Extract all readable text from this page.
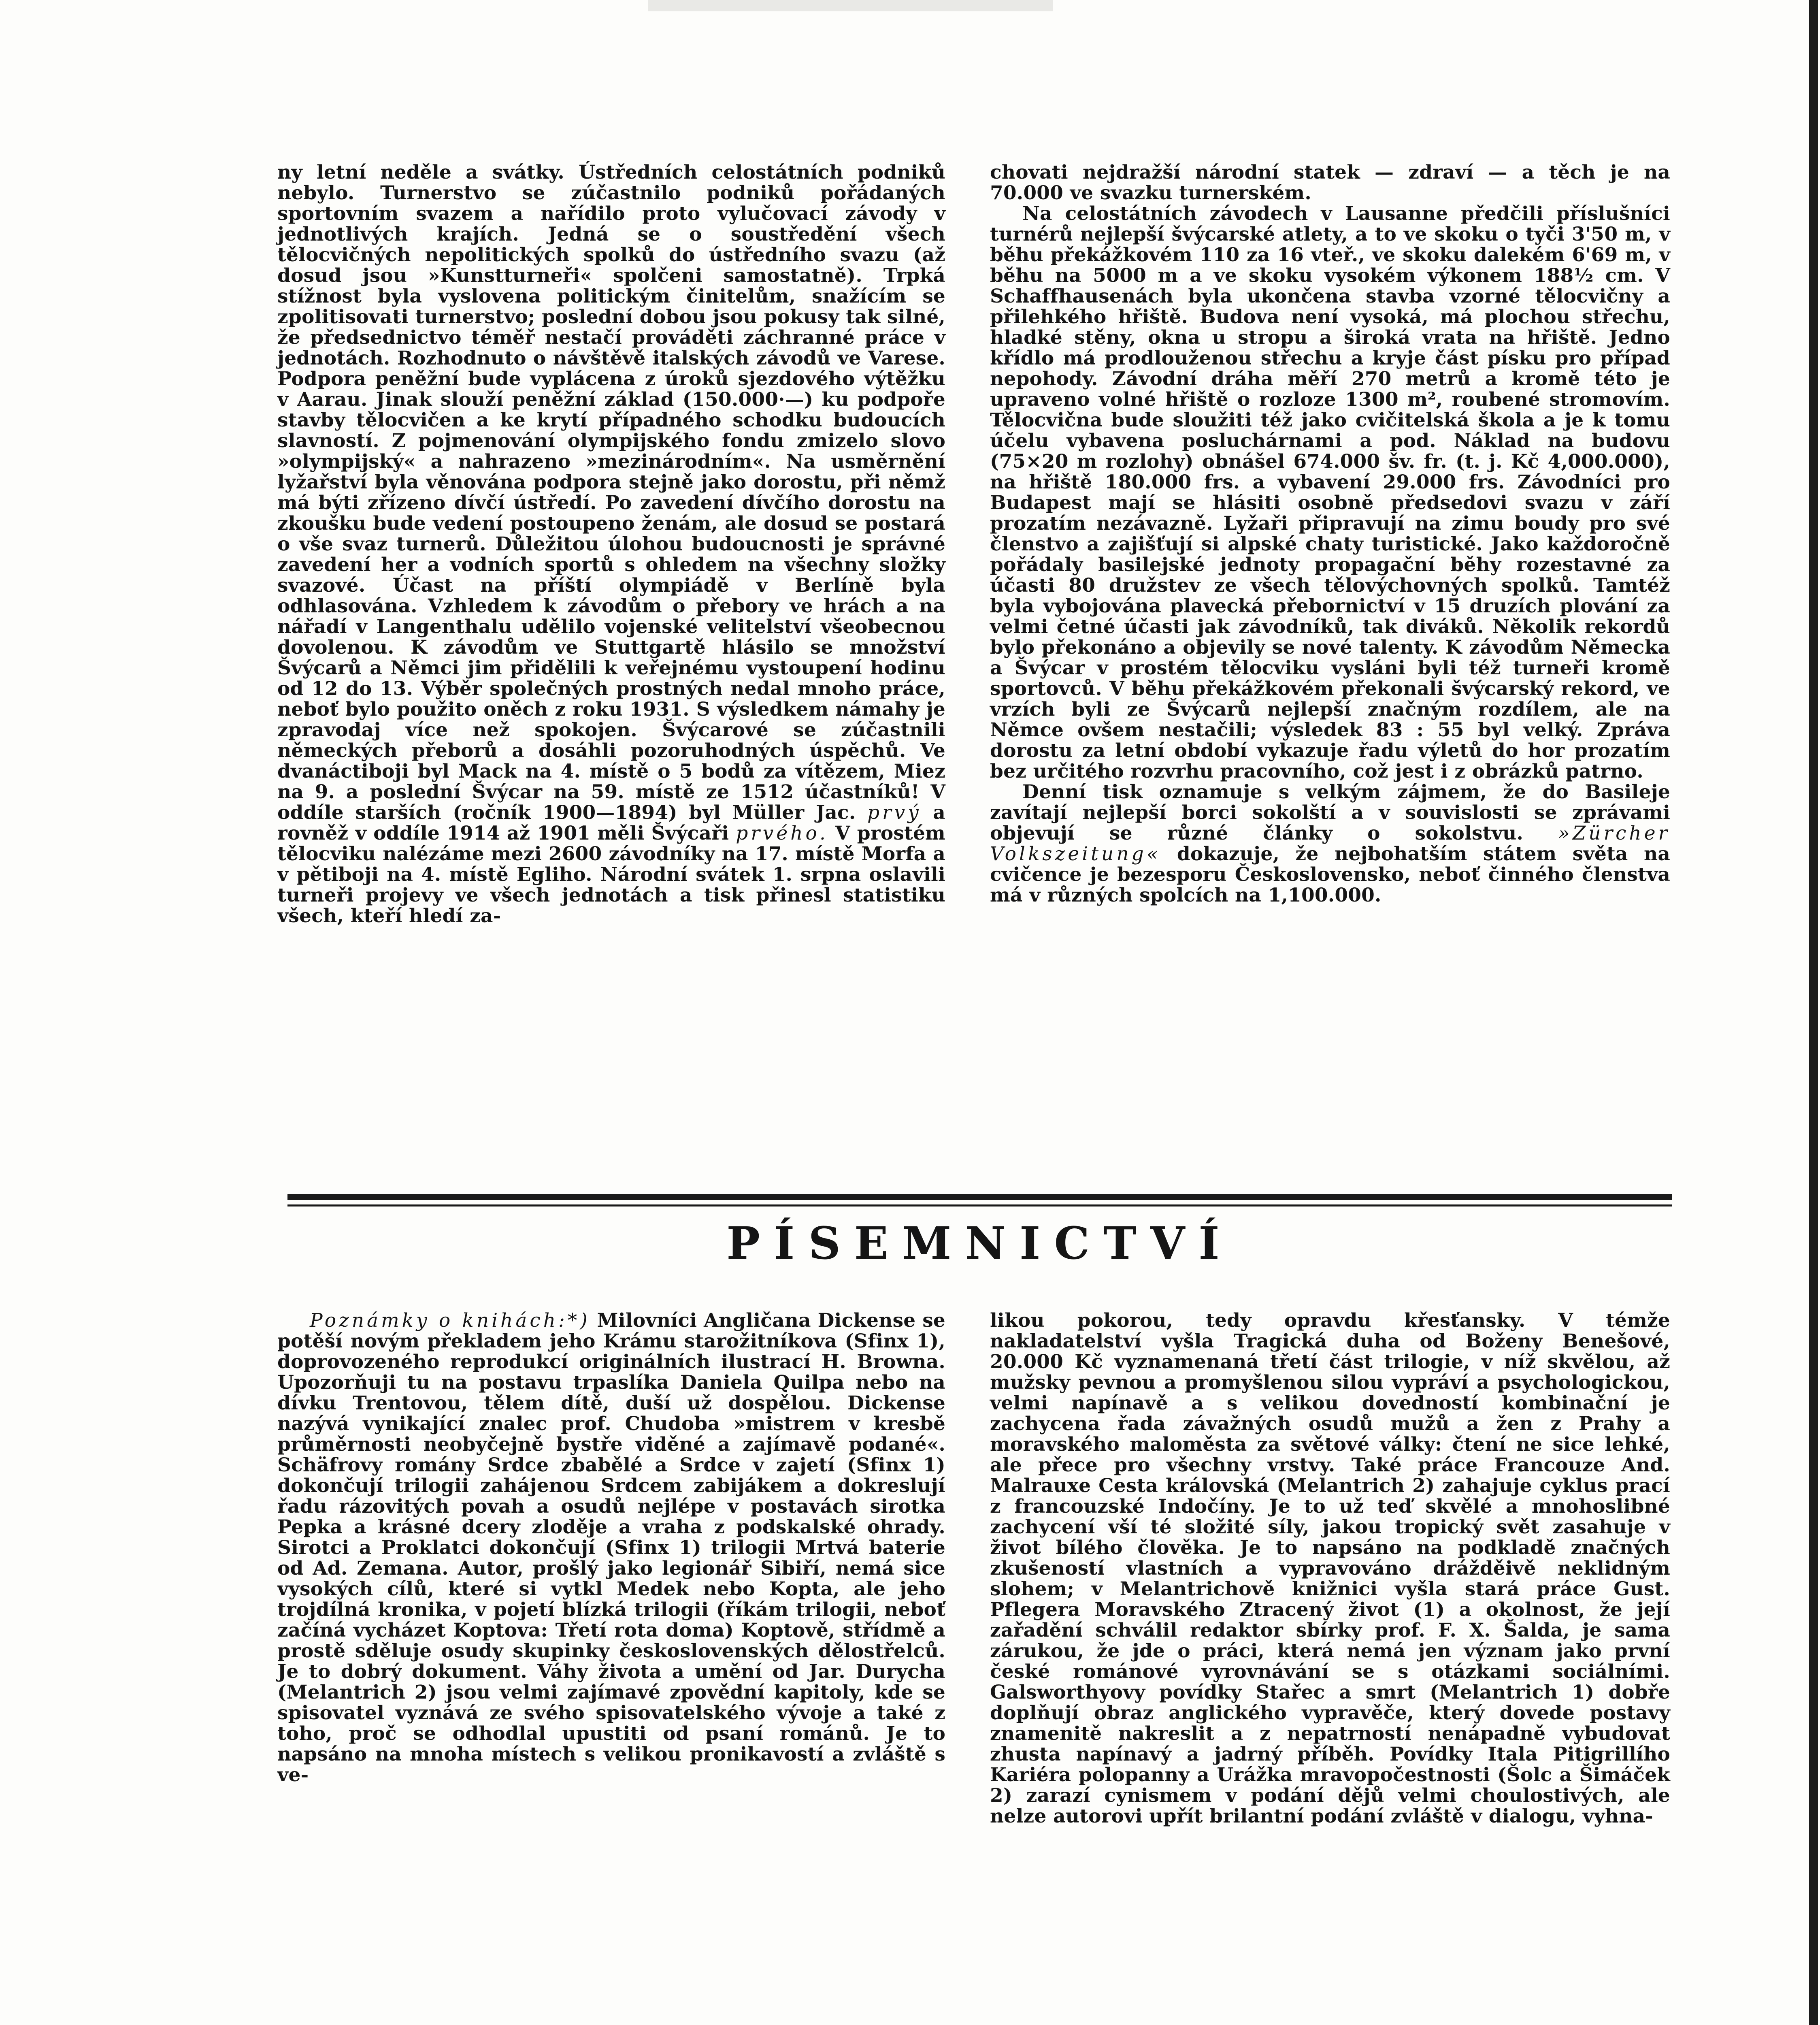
ny letní neděle a svátky. Ústředních celostátních podniků nebylo. Turnerstvo se zúčastnilo podniků pořádaných sportovním svazem a nařídilo proto vylučovací závody v jednotlivých krajích. Jedná se o soustředění všech tělocvičných nepolitických spolků do ústředního svazu (až dosud jsou »Kunstturneři« spolčeni samostatně). Trpká stížnost byla vyslovena politickým činitelům, snažícím se zpolitisovati turnerstvo; poslední dobou jsou pokusy tak silné, že předsednictvo téměř nestačí prováděti záchranné práce v jednotách. Rozhodnuto o návštěvě italských závodů ve Varese. Podpora peněžní bude vyplácena z úroků sjezdového výtěžku v Aarau. Jinak slouží peněžní základ (150.000·—) ku podpoře stavby tělocvičen a ke krytí případného schodku budoucích slavností. Z pojmenování olympijského fondu zmizelo slovo »olympijský« a nahrazeno »mezinárodním«. Na usměrnění lyžařství byla věnována podpora stejně jako dorostu, při němž má býti zřízeno dívčí ústředí. Po zavedení dívčího dorostu na zkoušku bude vedení postoupeno ženám, ale dosud se postará o vše svaz turnerů. Důležitou úlohou budoucnosti je správné zavedení her a vodních sportů s ohledem na všechny složky svazové. Účast na příští olympiádě v Berlíně byla odhlasována. Vzhledem k závodům o přebory ve hrách a na nářadí v Langenthalu udělilo vojenské velitelství všeobecnou dovolenou. K závodům ve Stuttgartě hlásilo se množství Švýcarů a Němci jim přidělili k veřejnému vystoupení hodinu od 12 do 13. Výběr společných prostných nedal mnoho práce, neboť bylo použito oněch z roku 1931. S výsledkem námahy je zpravodaj více než spokojen. Švýcarové se zúčastnili německých přeborů a dosáhli pozoruhodných úspěchů. Ve dvanáctiboji byl Mack na 4. místě o 5 bodů za vítězem, Miez na 9. a poslední Švýcar na 59. místě ze 1512 účastníků! V oddíle starších (ročník 1900—1894) byl Müller Jac. prvý a rovněž v oddíle 1914 až 1901 měli Švýcaři prvého. V prostém tělocviku nalézáme mezi 2600 závodníky na 17. místě Morfa a v pětiboji na 4. místě Egliho. Národní svátek 1. srpna oslavili turneři projevy ve všech jednotách a tisk přinesl statistiku všech, kteří hledí za-

chovati nejdražší národní statek — zdraví — a těch je na 70.000 ve svazku turnerském.

Na celostátních závodech v Lausanne předčili příslušníci turnérů nejlepší švýcarské atlety, a to ve skoku o tyči 3'50 m, v běhu překážkovém 110 za 16 vteř., ve skoku dalekém 6'69 m, v běhu na 5000 m a ve skoku vysokém výkonem 188½ cm. V Schaffhausenách byla ukončena stavba vzorné tělocvičny a přilehkého hřiště. Budova není vysoká, má plochou střechu, hladké stěny, okna u stropu a široká vrata na hřiště. Jedno křídlo má prodlouženou střechu a kryje část písku pro případ nepohody. Závodní dráha měří 270 metrů a kromě této je upraveno volné hřiště o rozloze 1300 m², roubené stromovím. Tělocvična bude sloužiti též jako cvičitelská škola a je k tomu účelu vybavena posluchárnami a pod. Náklad na budovu (75×20 m rozlohy) obnášel 674.000 šv. fr. (t. j. Kč 4,000.000), na hřiště 180.000 frs. a vybavení 29.000 frs. Závodníci pro Budapest mají se hlásiti osobně předsedovi svazu v září prozatím nezávazně. Lyžaři připravují na zimu boudy pro své členstvo a zajišťují si alpské chaty turistické. Jako každoročně pořádaly basilejské jednoty propagační běhy rozestavné za účasti 80 družstev ze všech tělovýchovných spolků. Tamtéž byla vybojována plavecká přebornictví v 15 druzích plování za velmi četné účasti jak závodníků, tak diváků. Několik rekordů bylo překonáno a objevily se nové talenty. K závodům Německa a Švýcar v prostém tělocviku vysláni byli též turneři kromě sportovců. V běhu překážkovém překonali švýcarský rekord, ve vrzích byli ze Švýcarů nejlepší značným rozdílem, ale na Němce ovšem nestačili; výsledek 83 : 55 byl velký. Zpráva dorostu za letní období vykazuje řadu výletů do hor prozatím bez určitého rozvrhu pracovního, což jest i z obrázků patrno.

Denní tisk oznamuje s velkým zájmem, že do Basileje zavítají nejlepší borci sokolští a v souvislosti se zprávami objevují se různé články o sokolstvu. »Zürcher Volkszeitung« dokazuje, že nejbohatším státem světa na cvičence je bezesporu Československo, neboť činného členstva má v různých spolcích na 1,100.000.

PÍSEMNICTVÍ

Poznámky o knihách:*) Milovníci Angličana Dickense se potěší novým překladem jeho Krámu starožitníkova (Sfinx 1), doprovozeného reprodukcí originálních ilustrací H. Browna. Upozorňuji tu na postavu trpaslíka Daniela Quilpa nebo na dívku Trentovou, tělem dítě, duší už dospělou. Dickense nazývá vynikající znalec prof. Chudoba »mistrem v kresbě průměrnosti neobyčejně bystře viděné a zajímavě podané«. Schäfrovy romány Srdce zbabělé a Srdce v zajetí (Sfinx 1) dokončují trilogii zahájenou Srdcem zabijákem a dokreslují řadu rázovitých povah a osudů nejlépe v postavách sirotka Pepka a krásné dcery zloděje a vraha z podskalské ohrady. Sirotci a Proklatci dokončují (Sfinx 1) trilogii Mrtvá baterie od Ad. Zemana. Autor, prošlý jako legionář Sibiří, nemá sice vysokých cílů, které si vytkl Medek nebo Kopta, ale jeho trojdílná kronika, v pojetí blízká trilogii (říkám trilogii, neboť začíná vycházet Koptova: Třetí rota doma) Koptově, střídmě a prostě sděluje osudy skupinky československých dělostřelců. Je to dobrý dokument. Váhy života a umění od Jar. Durycha (Melantrich 2) jsou velmi zajímavé zpovědní kapitoly, kde se spisovatel vyznává ze svého spisovatelského vývoje a také z toho, proč se odhodlal upustiti od psaní románů. Je to napsáno na mnoha místech s velikou pronikavostí a zvláště s ve-

likou pokorou, tedy opravdu křesťansky. V témže nakladatelství vyšla Tragická duha od Boženy Benešové, 20.000 Kč vyznamenaná třetí část trilogie, v níž skvělou, až mužsky pevnou a promyšlenou silou vypráví a psychologickou, velmi napínavě a s velikou dovedností kombinační je zachycena řada závažných osudů mužů a žen z Prahy a moravského maloměsta za světové války: čtení ne sice lehké, ale přece pro všechny vrstvy. Také práce Francouze And. Malrauxe Cesta královská (Melantrich 2) zahajuje cyklus prací z francouzské Indočíny. Je to už teď skvělé a mnohoslibné zachycení vší té složité síly, jakou tropický svět zasahuje v život bílého člověka. Je to napsáno na podkladě značných zkušeností vlastních a vypravováno drážděivě neklidným slohem; v Melantrichově knižnici vyšla stará práce Gust. Pflegera Moravského Ztracený život (1) a okolnost, že její zařadění schválil redaktor sbírky prof. F. X. Šalda, je sama zárukou, že jde o práci, která nemá jen význam jako první české románové vyrovnávání se s otázkami sociálními. Galsworthyovy povídky Stařec a smrt (Melantrich 1) dobře doplňují obraz anglického vypravěče, který dovede postavy znamenitě nakreslit a z nepatrností nenápadně vybudovat zhusta napínavý a jadrný příběh. Povídky Itala Pitigrillího Kariéra polopanny a Urážka mravopočestnosti (Šolc a Šimáček 2) zarazí cynismem v podání dějů velmi choulostivých, ale nelze autorovi upřít brilantní podání zvláště v dialogu, vyhna-
